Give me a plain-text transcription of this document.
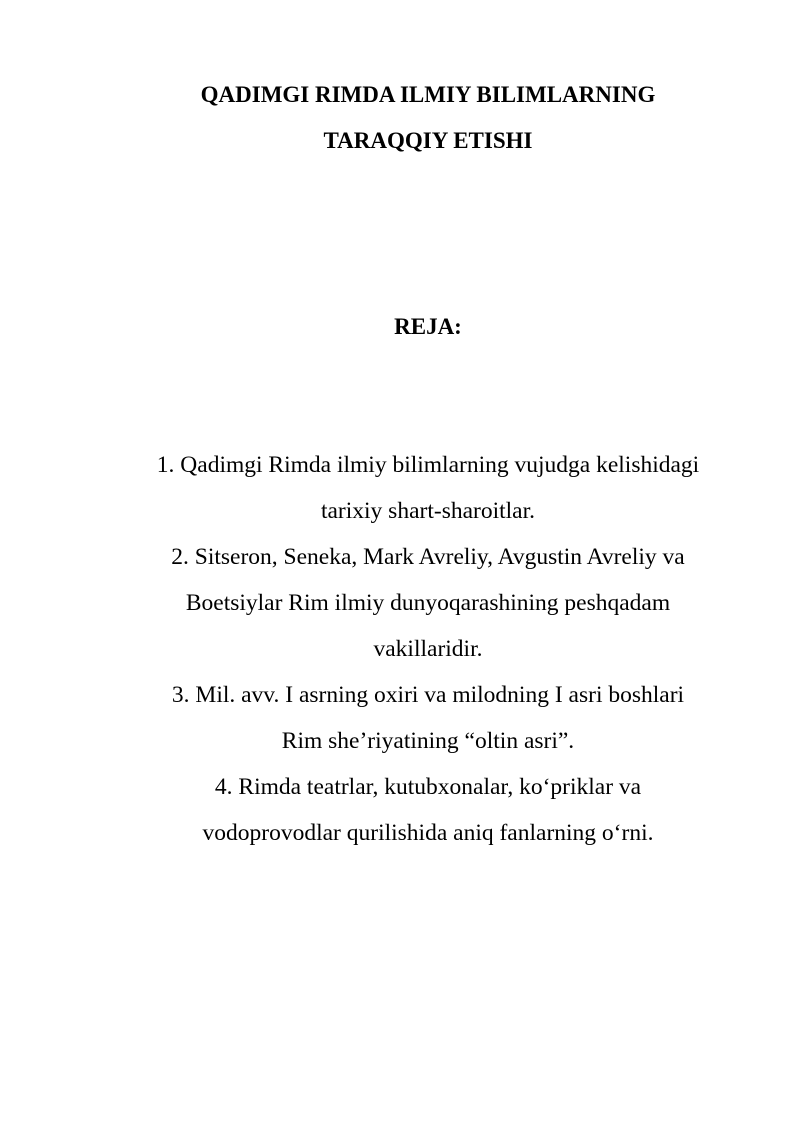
QADIMGI RIMDA ILMIY BILIMLARNING
TARAQQIY ETISHI
REJA:
1. Qadimgi Rimda ilmiy bilimlarning vujudga kelishidagi
tarixiy shart-sharoitlar.
2. Sitseron, Seneka, Mark Avreliy, Avgustin Avreliy va
Boetsiylar Rim ilmiy dunyoqarashining peshqadam
vakillaridir.
3. Mil. avv. I asrning oxiri va milodning I asri boshlari
Rim she’riyatining “oltin asri”.
4. Rimda teatrlar, kutubxonalar, ko‘priklar va
vodoprovodlar qurilishida aniq fanlarning o‘rni.
